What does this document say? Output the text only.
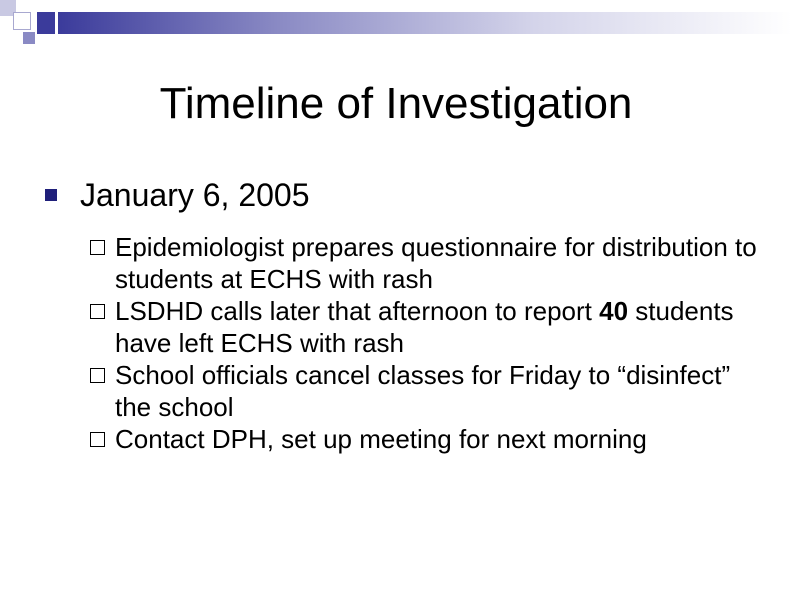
Timeline of Investigation
January 6, 2005
Epidemiologist prepares questionnaire for distribution to students at ECHS with rash
LSDHD calls later that afternoon to report 40 students have left ECHS with rash
School officials cancel classes for Friday to “disinfect” the school
Contact DPH, set up meeting for next morning
